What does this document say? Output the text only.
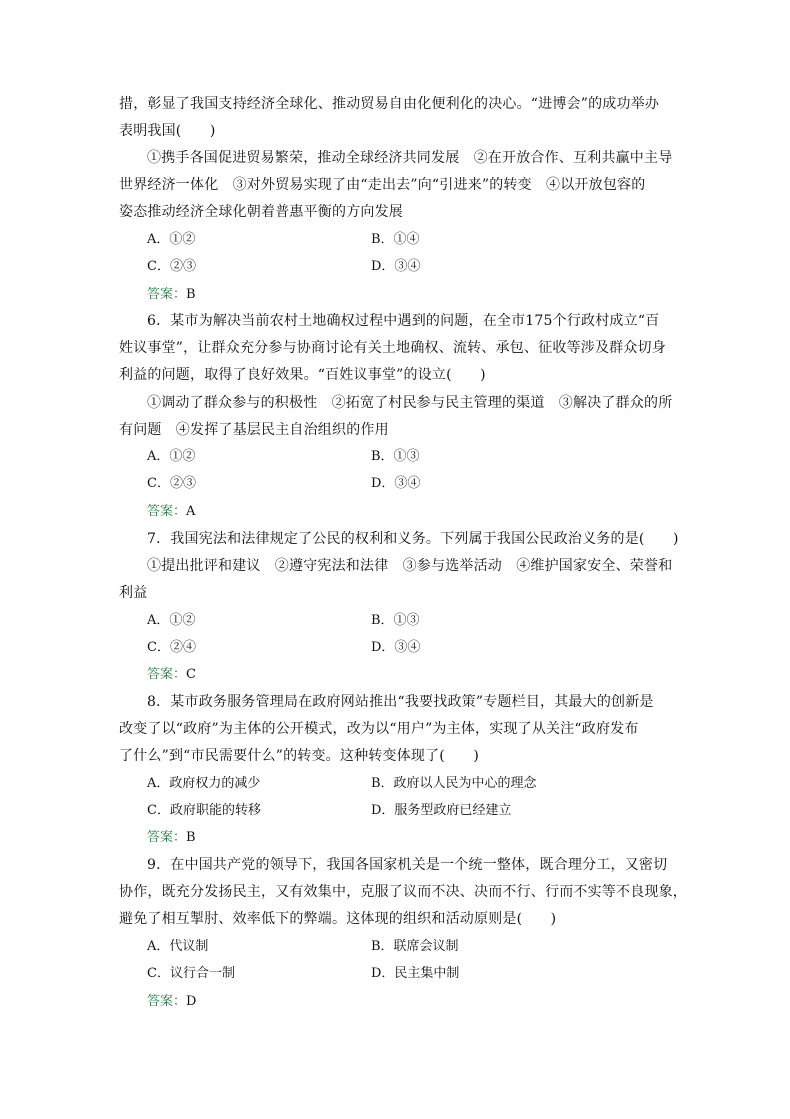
措，彰显了我国支持经济全球化、推动贸易自由化便利化的决心。“进博会”的成功举办
表明我国(　　)
①携手各国促进贸易繁荣，推动全球经济共同发展　②在开放合作、互利共赢中主导
世界经济一体化　③对外贸易实现了由“走出去”向“引进来”的转变　④以开放包容的
姿态推动经济全球化朝着普惠平衡的方向发展
A．①②	B．①④
C．②③	D．③④
答案：B
6．某市为解决当前农村土地确权过程中遇到的问题，在全市175个行政村成立“百
姓议事堂”，让群众充分参与协商讨论有关土地确权、流转、承包、征收等涉及群众切身
利益的问题，取得了良好效果。“百姓议事堂”的设立(　　)
①调动了群众参与的积极性　②拓宽了村民参与民主管理的渠道　③解决了群众的所
有问题　④发挥了基层民主自治组织的作用
A．①②	B．①③
C．②③	D．③④
答案：A
7．我国宪法和法律规定了公民的权利和义务。下列属于我国公民政治义务的是(　　)
①提出批评和建议　②遵守宪法和法律　③参与选举活动　④维护国家安全、荣誉和
利益
A．①②	B．①③
C．②④	D．③④
答案：C
8．某市政务服务管理局在政府网站推出“我要找政策”专题栏目，其最大的创新是
改变了以“政府”为主体的公开模式，改为以“用户”为主体，实现了从关注“政府发布
了什么”到“市民需要什么”的转变。这种转变体现了(　　)
A．政府权力的减少	B．政府以人民为中心的理念
C．政府职能的转移	D．服务型政府已经建立
答案：B
9．在中国共产党的领导下，我国各国家机关是一个统一整体，既合理分工，又密切
协作，既充分发扬民主，又有效集中，克服了议而不决、决而不行、行而不实等不良现象，
避免了相互掣肘、效率低下的弊端。这体现的组织和活动原则是(　　)
A．代议制	B．联席会议制
C．议行合一制	D．民主集中制
答案：D
